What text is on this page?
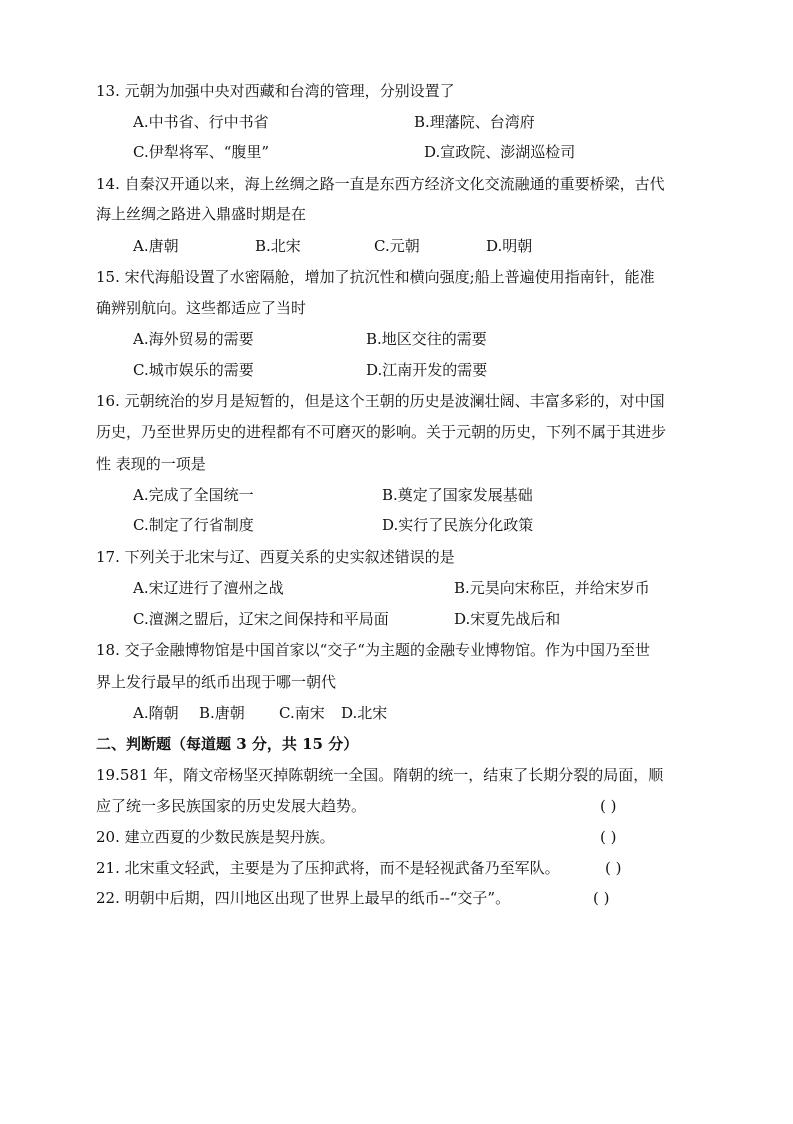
13. 元朝为加强中央对西藏和台湾的管理，分别设置了
A.中书省、行中书省	B.理藩院、台湾府
C.伊犁将军、“腹里”	D.宣政院、澎湖巡检司
14. 自秦汉开通以来，海上丝绸之路一直是东西方经济文化交流融通的重要桥梁，古代
海上丝绸之路进入鼎盛时期是在
A.唐朝	B.北宋	C.元朝	D.明朝
15. 宋代海船设置了水密隔舱，增加了抗沉性和横向强度;船上普遍使用指南针，能准
确辨别航向。这些都适应了当时
A.海外贸易的需要	B.地区交往的需要
C.城市娱乐的需要	D.江南开发的需要
16. 元朝统治的岁月是短暂的，但是这个王朝的历史是波澜壮阔、丰富多彩的，对中国
历史，乃至世界历史的进程都有不可磨灭的影响。关于元朝的历史，下列不属于其进步
性 表现的一项是
A.完成了全国统一	B.奠定了国家发展基础
C.制定了行省制度	D.实行了民族分化政策
17. 下列关于北宋与辽、西夏关系的史实叙述错误的是
A.宋辽进行了澶州之战	B.元昊向宋称臣，并给宋岁币
C.澶渊之盟后，辽宋之间保持和平局面	D.宋夏先战后和
18. 交子金融博物馆是中国首家以“交子“为主题的金融专业博物馆。作为中国乃至世
界上发行最早的纸币出现于哪一朝代
A.隋朝 B.唐朝 C.南宋 D.北宋
二、判断题（每道题 3 分，共 15 分）
19.581 年，隋文帝杨坚灭掉陈朝统一全国。隋朝的统一，结束了长期分裂的局面，顺
应了统一多民族国家的历史发展大趋势。	( )
20. 建立西夏的少数民族是契丹族。	( )
21. 北宋重文轻武，主要是为了压抑武将，而不是轻视武备乃至军队。	( )
22. 明朝中后期，四川地区出现了世界上最早的纸币--“交子”。	( )
